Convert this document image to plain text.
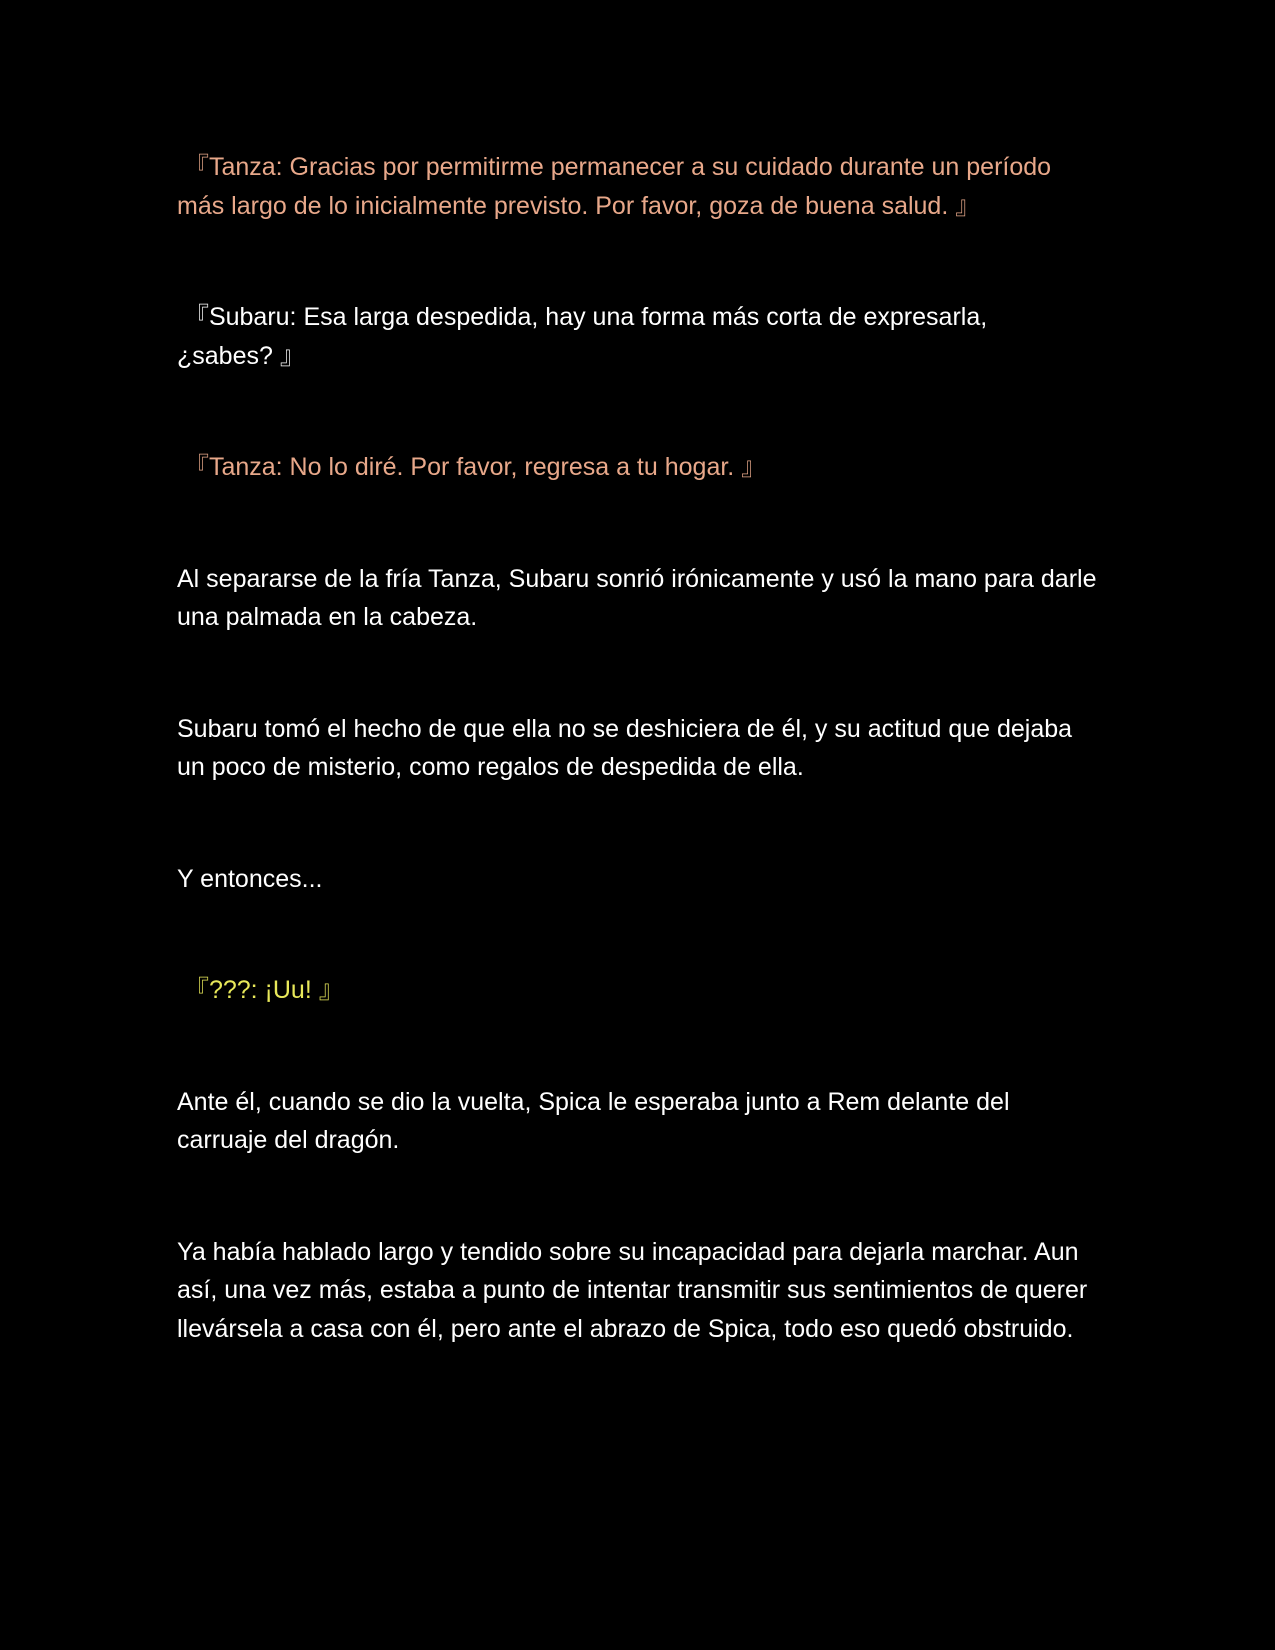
『Tanza: Gracias por permitirme permanecer a su cuidado durante un período más largo de lo inicialmente previsto. Por favor, goza de buena salud. 』

『Subaru: Esa larga despedida, hay una forma más corta de expresarla, ¿sabes? 』

『Tanza: No lo diré. Por favor, regresa a tu hogar. 』

Al separarse de la fría Tanza, Subaru sonrió irónicamente y usó la mano para darle una palmada en la cabeza.

Subaru tomó el hecho de que ella no se deshiciera de él, y su actitud que dejaba un poco de misterio, como regalos de despedida de ella.

Y entonces...

『???: ¡Uu! 』

Ante él, cuando se dio la vuelta, Spica le esperaba junto a Rem delante del carruaje del dragón.

Ya había hablado largo y tendido sobre su incapacidad para dejarla marchar. Aun así, una vez más, estaba a punto de intentar transmitir sus sentimientos de querer llevársela a casa con él, pero ante el abrazo de Spica, todo eso quedó obstruido.
